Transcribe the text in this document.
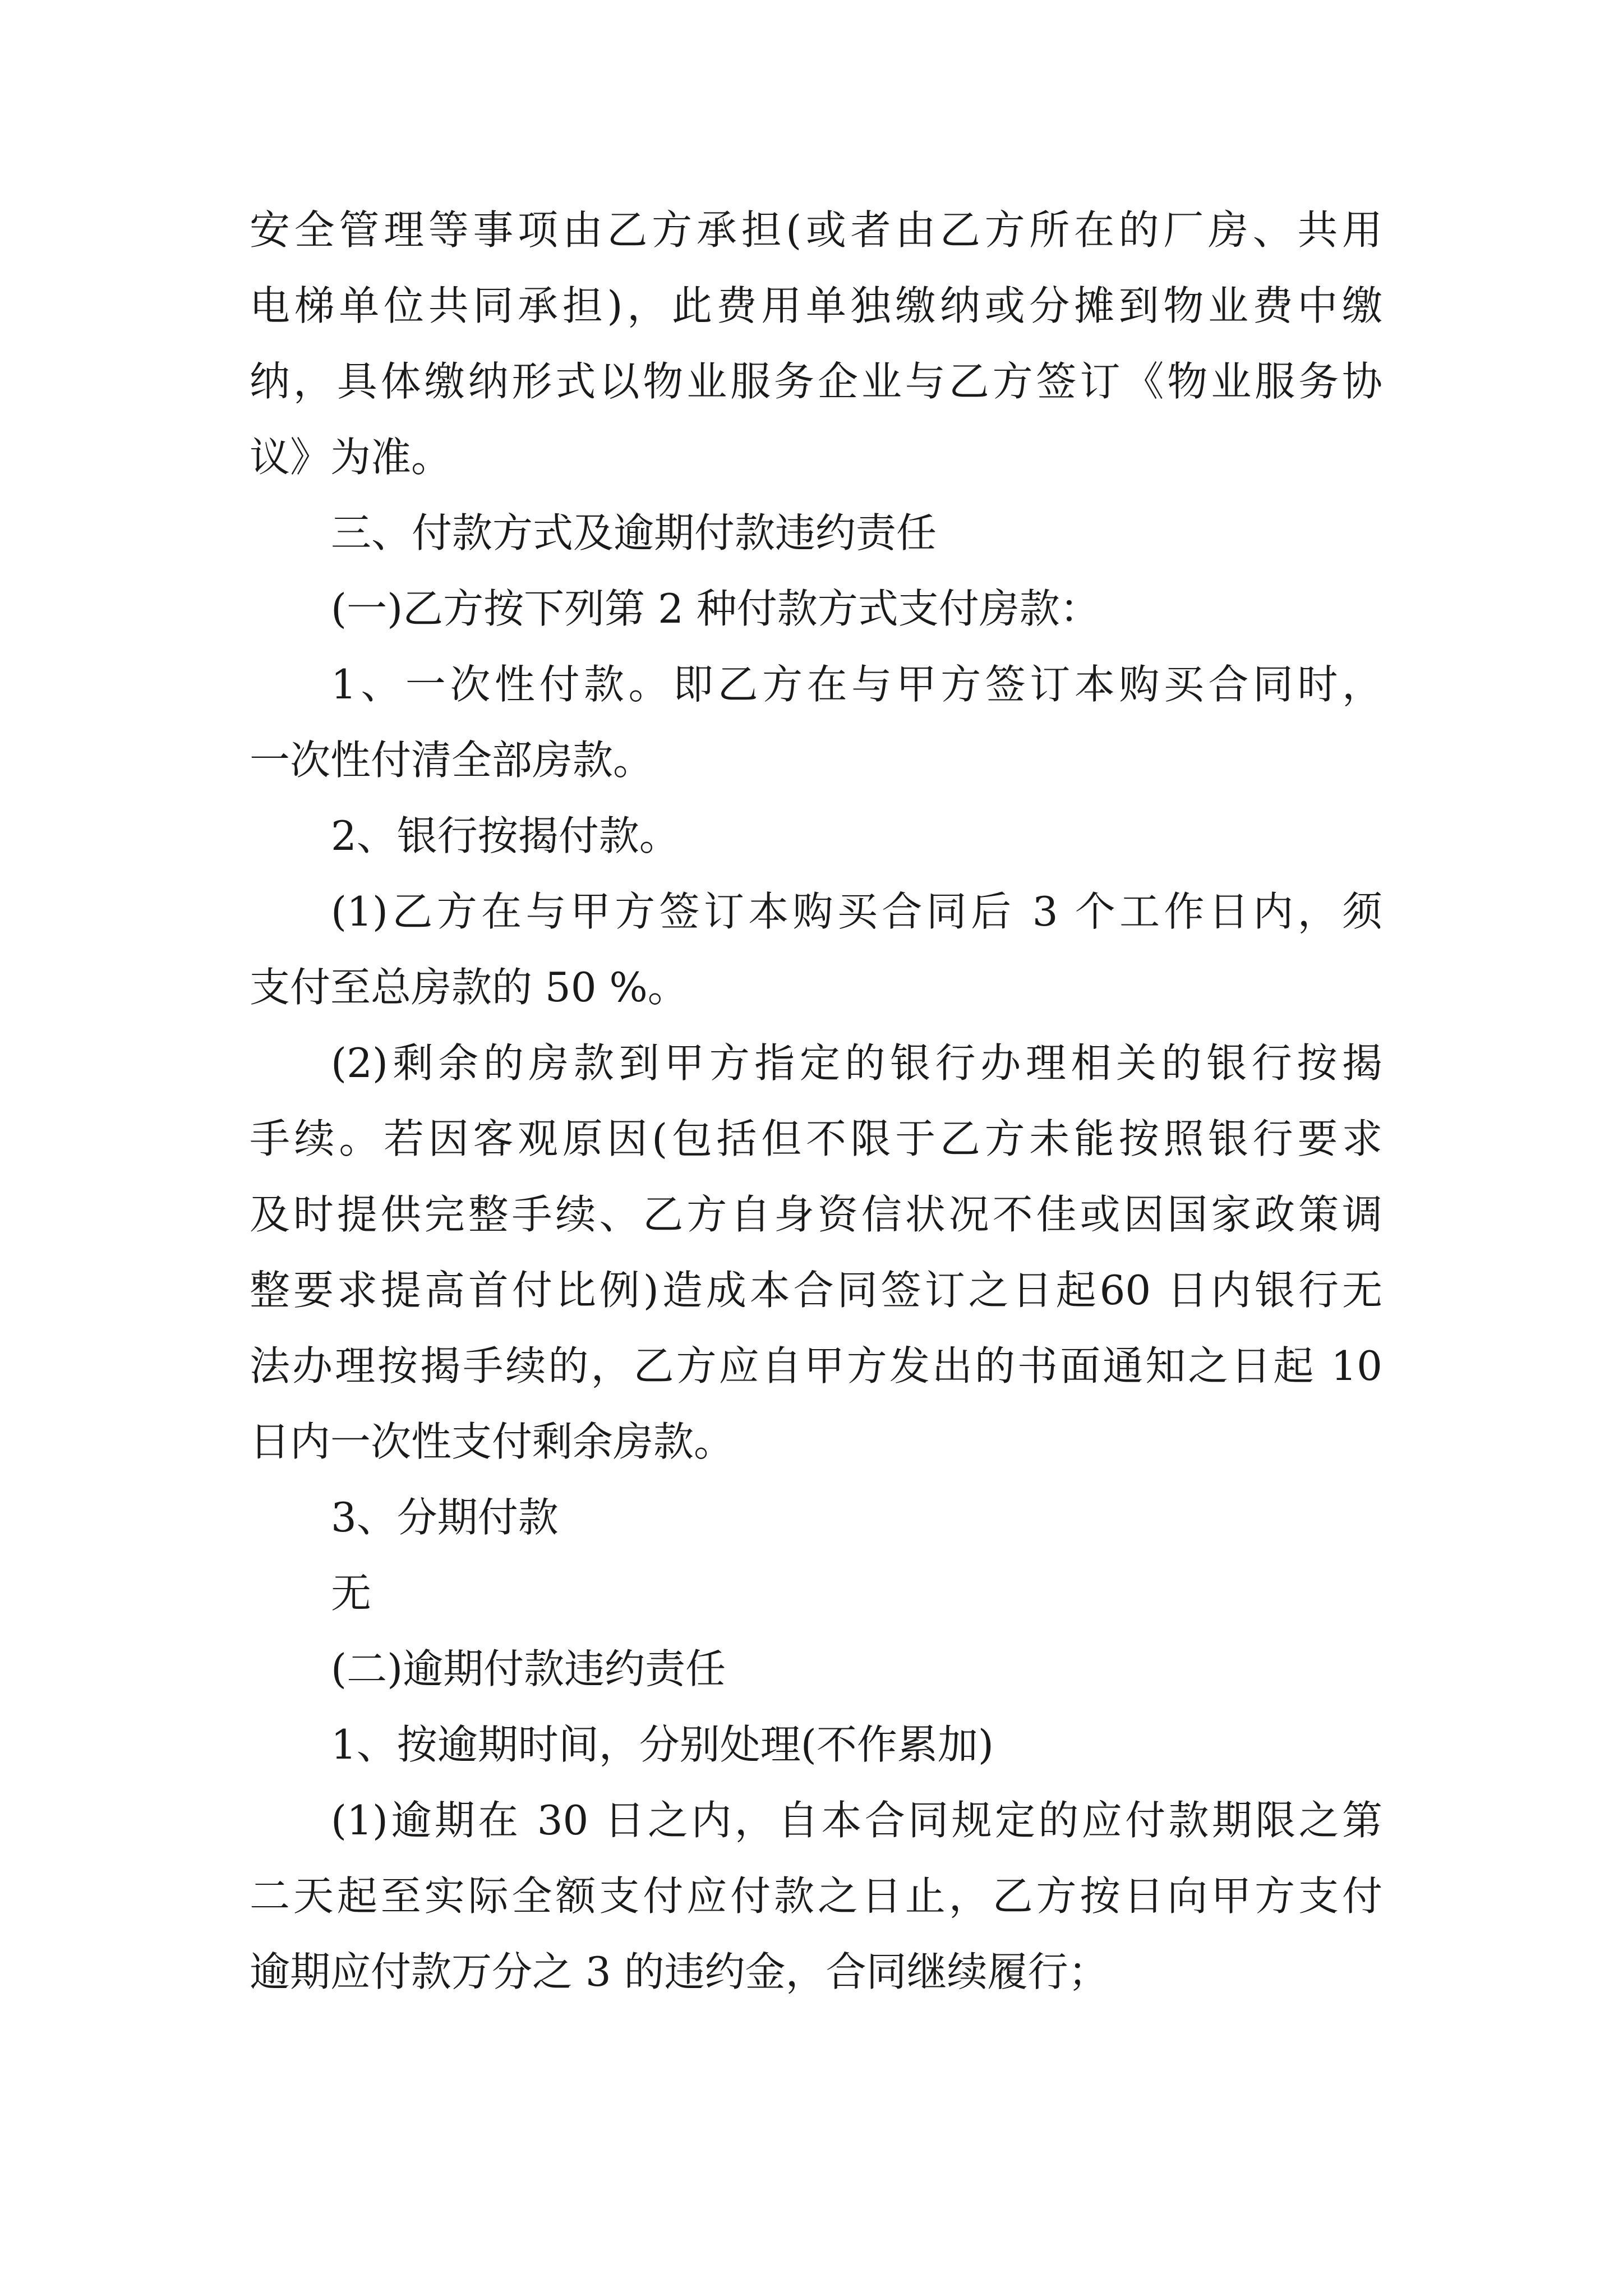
安全管理等事项由乙方承担(或者由乙方所在的厂房、共用
电梯单位共同承担)，此费用单独缴纳或分摊到物业费中缴
纳，具体缴纳形式以物业服务企业与乙方签订《物业服务协
议》为准。
三、付款方式及逾期付款违约责任
(一)乙方按下列第 2 种付款方式支付房款：
1、一次性付款。即乙方在与甲方签订本购买合同时，
一次性付清全部房款。
2、银行按揭付款。
(1)乙方在与甲方签订本购买合同后 3 个工作日内，须
支付至总房款的 50 %。
(2)剩余的房款到甲方指定的银行办理相关的银行按揭
手续。若因客观原因(包括但不限于乙方未能按照银行要求
及时提供完整手续、乙方自身资信状况不佳或因国家政策调
整要求提高首付比例)造成本合同签订之日起60 日内银行无
法办理按揭手续的，乙方应自甲方发出的书面通知之日起 10
日内一次性支付剩余房款。
3、分期付款
无
(二)逾期付款违约责任
1、按逾期时间，分别处理(不作累加)
(1)逾期在 30 日之内，自本合同规定的应付款期限之第
二天起至实际全额支付应付款之日止，乙方按日向甲方支付
逾期应付款万分之 3 的违约金，合同继续履行；
